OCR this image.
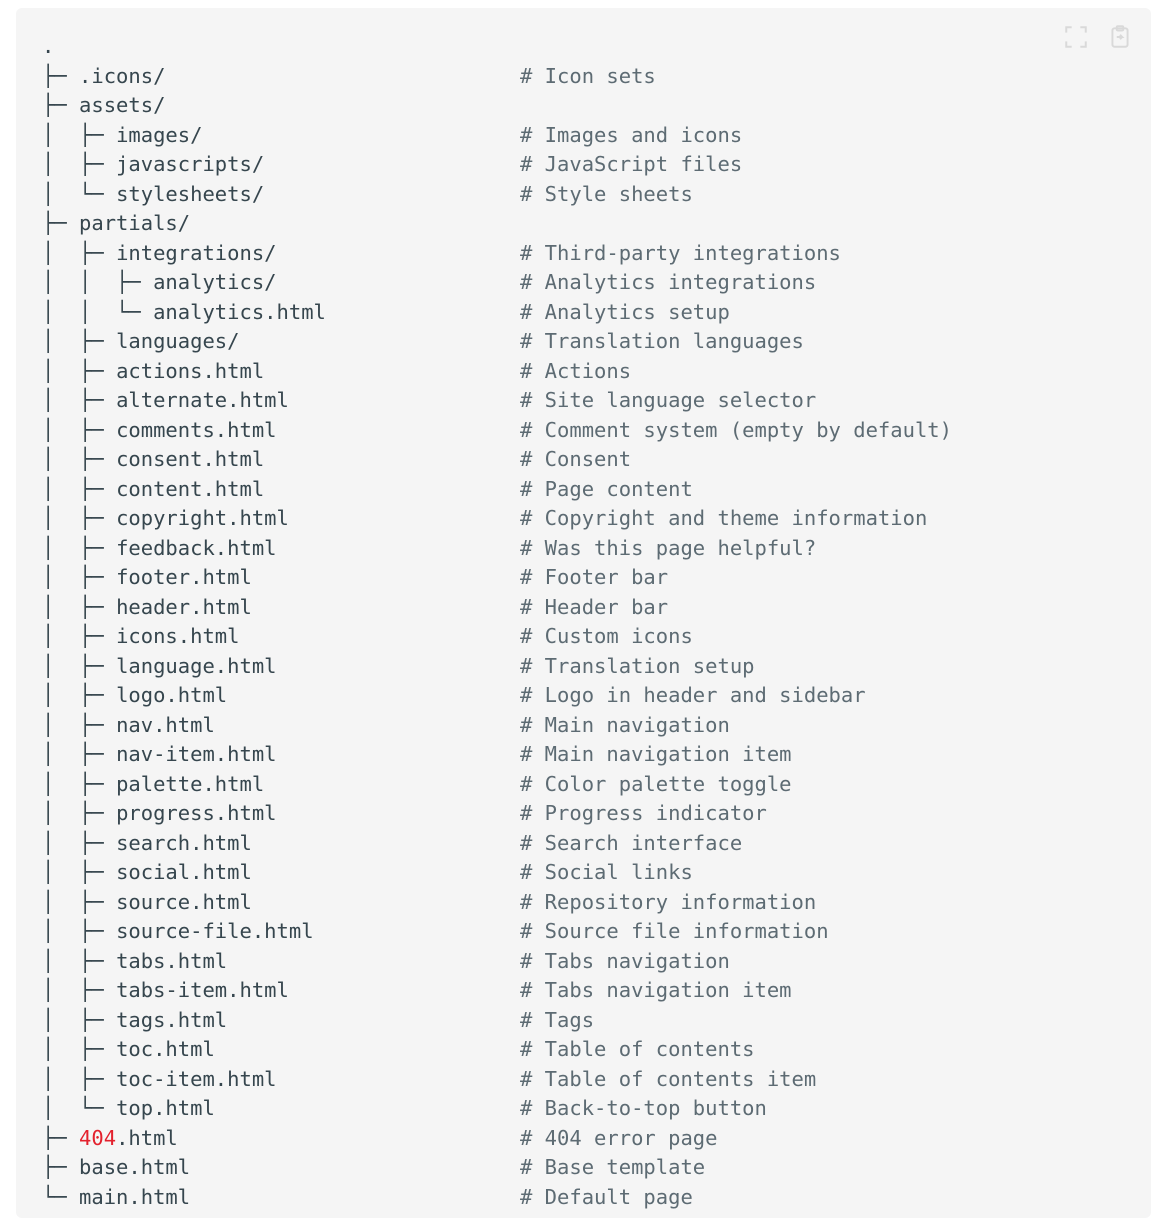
.
├─ .icons/	# Icon sets
├─ assets/
│  ├─ images/	# Images and icons
│  ├─ javascripts/	# JavaScript files
│  └─ stylesheets/	# Style sheets
├─ partials/
│  ├─ integrations/	# Third-party integrations
│  │  ├─ analytics/	# Analytics integrations
│  │  └─ analytics.html	# Analytics setup
│  ├─ languages/	# Translation languages
│  ├─ actions.html	# Actions
│  ├─ alternate.html	# Site language selector
│  ├─ comments.html	# Comment system (empty by default)
│  ├─ consent.html	# Consent
│  ├─ content.html	# Page content
│  ├─ copyright.html	# Copyright and theme information
│  ├─ feedback.html	# Was this page helpful?
│  ├─ footer.html	# Footer bar
│  ├─ header.html	# Header bar
│  ├─ icons.html	# Custom icons
│  ├─ language.html	# Translation setup
│  ├─ logo.html	# Logo in header and sidebar
│  ├─ nav.html	# Main navigation
│  ├─ nav-item.html	# Main navigation item
│  ├─ palette.html	# Color palette toggle
│  ├─ progress.html	# Progress indicator
│  ├─ search.html	# Search interface
│  ├─ social.html	# Social links
│  ├─ source.html	# Repository information
│  ├─ source-file.html	# Source file information
│  ├─ tabs.html	# Tabs navigation
│  ├─ tabs-item.html	# Tabs navigation item
│  ├─ tags.html	# Tags
│  ├─ toc.html	# Table of contents
│  ├─ toc-item.html	# Table of contents item
│  └─ top.html	# Back-to-top button
├─ 404.html	# 404 error page
├─ base.html	# Base template
└─ main.html	# Default page
